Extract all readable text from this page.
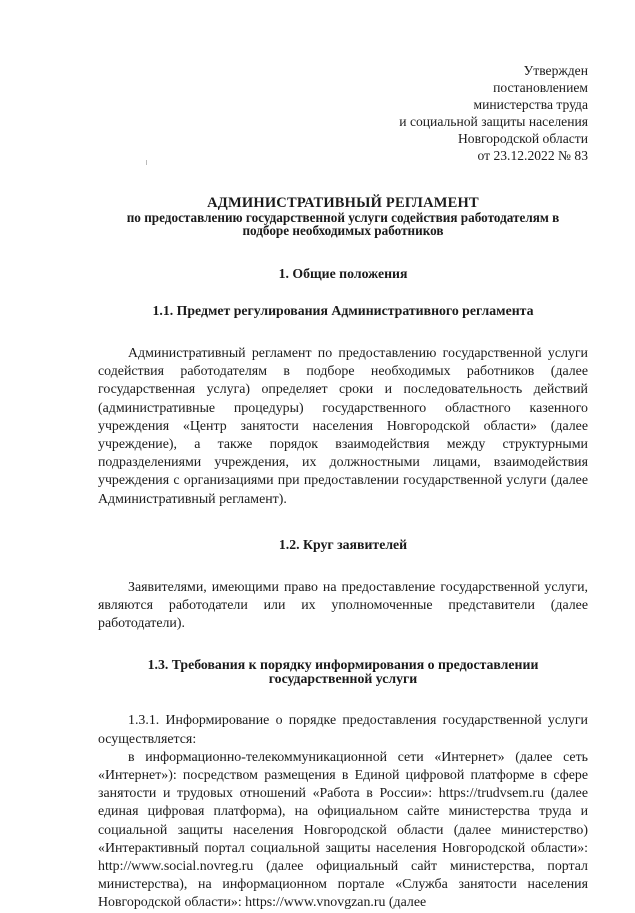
Утвержден
постановлением
министерства труда
и социальной защиты населения
Новгородской области
от 23.12.2022 № 83
АДМИНИСТРАТИВНЫЙ РЕГЛАМЕНТ
по предоставлению государственной услуги содействия работодателям в
подборе необходимых работников
1. Общие положения
1.1. Предмет регулирования Административного регламента

Административный регламент по предоставлению государственной услуги содействия работодателям в подборе необходимых работников (далее государственная услуга) определяет сроки и последовательность действий (административные процедуры) государственного областного казенного учреждения «Центр занятости населения Новгородской области» (далее учреждение), а также порядок взаимодействия между структурными подразделениями учреждения, их должностными лицами, взаимодействия учреждения с организациями при предоставлении государственной услуги (далее Административный регламент).

1.2. Круг заявителей

Заявителями, имеющими право на предоставление государственной услуги, являются работодатели или их уполномоченные представители (далее работодатели).

1.3. Требования к порядку информирования о предоставлении
государственной услуги

1.3.1. Информирование о порядке предоставления государственной услуги осуществляется:

в информационно-телекоммуникационной сети «Интернет» (далее сеть «Интернет»): посредством размещения в Единой цифровой платформе в сфере занятости и трудовых отношений «Работа в России»: https://trudvsem.ru (далее единая цифровая платформа), на официальном сайте министерства труда и социальной защиты населения Новгородской области (далее министерство) «Интерактивный портал социальной защиты населения Новгородской области»: http://www.social.novreg.ru (далее официальный сайт министерства, портал министерства), на информационном портале «Служба занятости населения Новгородской области»: https://www.vnovgzan.ru (далее
